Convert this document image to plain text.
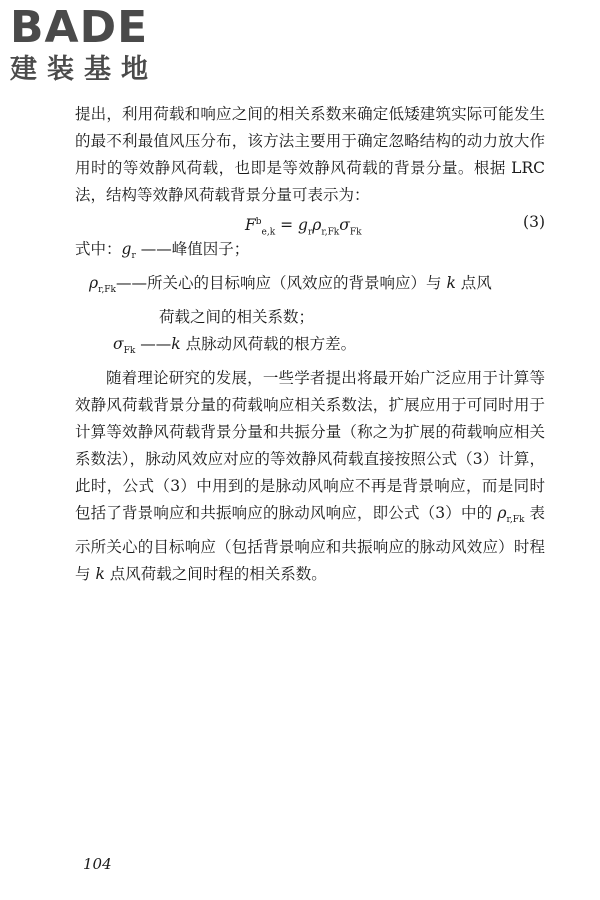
BADE
建装基地

提出，利用荷载和响应之间的相关系数来确定低矮建筑实际可能发生的最不利最值风压分布，该方法主要用于确定忽略结构的动力放大作用时的等效静风荷载，也即是等效静风荷载的背景分量。根据 LRC 法，结构等效静风荷载背景分量可表示为：

$F^b_{e,k} = g_r\rho_{r,Fk}\sigma_{Fk}$
(3)
式中：$g_r$ ——峰值因子；
$\rho_{r,Fk}——$所关心的目标响应（风效应的背景响应）与 k 点风
荷载之间的相关系数；
$\sigma_{Fk}$ ——k 点脉动风荷载的根方差。

随着理论研究的发展，一些学者提出将最开始广泛应用于计算等效静风荷载背景分量的荷载响应相关系数法，扩展应用于可同时用于计算等效静风荷载背景分量和共振分量（称之为扩展的荷载响应相关系数法），脉动风效应对应的等效静风荷载直接按照公式（3）计算，此时，公式（3）中用到的是脉动风响应不再是背景响应，而是同时包括了背景响应和共振响应的脉动风响应，即公式（3）中的 $\rho_{r,Fk}$ 表示所关心的目标响应（包括背景响应和共振响应的脉动风效应）时程与 k 点风荷载之间时程的相关系数。

104
